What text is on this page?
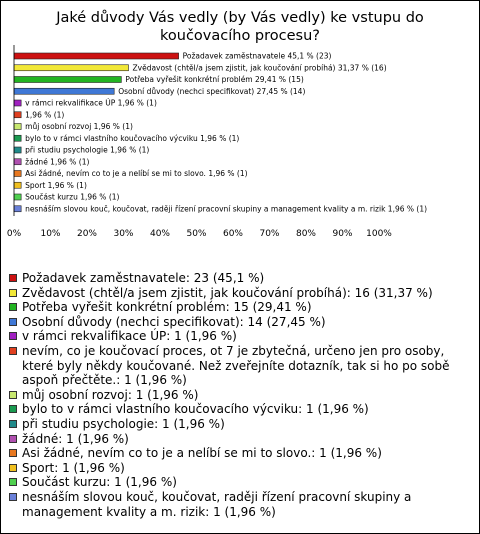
Jaké důvody Vás vedly (by Vás vedly) ke vstupu do koučovacího procesu?
Požadavek zaměstnavatele 45,1 % (23)
Zvědavost (chtěl/a jsem zjistit, jak koučování probíhá) 31,37 % (16)
Potřeba vyřešit konkrétní problém 29,41 % (15)
Osobní důvody (nechci specifikovat) 27,45 % (14)
v rámci rekvalifikace ÚP 1,96 % (1)
1,96 % (1)
můj osobní rozvoj 1,96 % (1)
bylo to v rámci vlastního koučovacího výcviku 1,96 % (1)
při studiu psychologie 1,96 % (1)
žádné 1,96 % (1)
Asi žádné, nevím co to je a nelíbí se mi to slovo. 1,96 % (1)
Sport 1,96 % (1)
Součást kurzu 1,96 % (1)
nesnáším slovou kouč, koučovat, raději řízení pracovní skupiny a management kvality a m. rizik 1,96 % (1)
0% 10% 20% 30% 40% 50% 60% 70% 80% 90% 100%
Požadavek zaměstnavatele: 23 (45,1 %)
Zvědavost (chtěl/a jsem zjistit, jak koučování probíhá): 16 (31,37 %)
Potřeba vyřešit konkrétní problém: 15 (29,41 %)
Osobní důvody (nechci specifikovat): 14 (27,45 %)
v rámci rekvalifikace ÚP: 1 (1,96 %)
nevím, co je koučovací proces, ot 7 je zbytečná, určeno jen pro osoby, které byly někdy koučované. Než zveřejníte dotazník, tak si ho po sobě aspoň přečtěte.: 1 (1,96 %)
můj osobní rozvoj: 1 (1,96 %)
bylo to v rámci vlastního koučovacího výcviku: 1 (1,96 %)
při studiu psychologie: 1 (1,96 %)
žádné: 1 (1,96 %)
Asi žádné, nevím co to je a nelíbí se mi to slovo.: 1 (1,96 %)
Sport: 1 (1,96 %)
Součást kurzu: 1 (1,96 %)
nesnáším slovou kouč, koučovat, raději řízení pracovní skupiny a management kvality a m. rizik: 1 (1,96 %)
